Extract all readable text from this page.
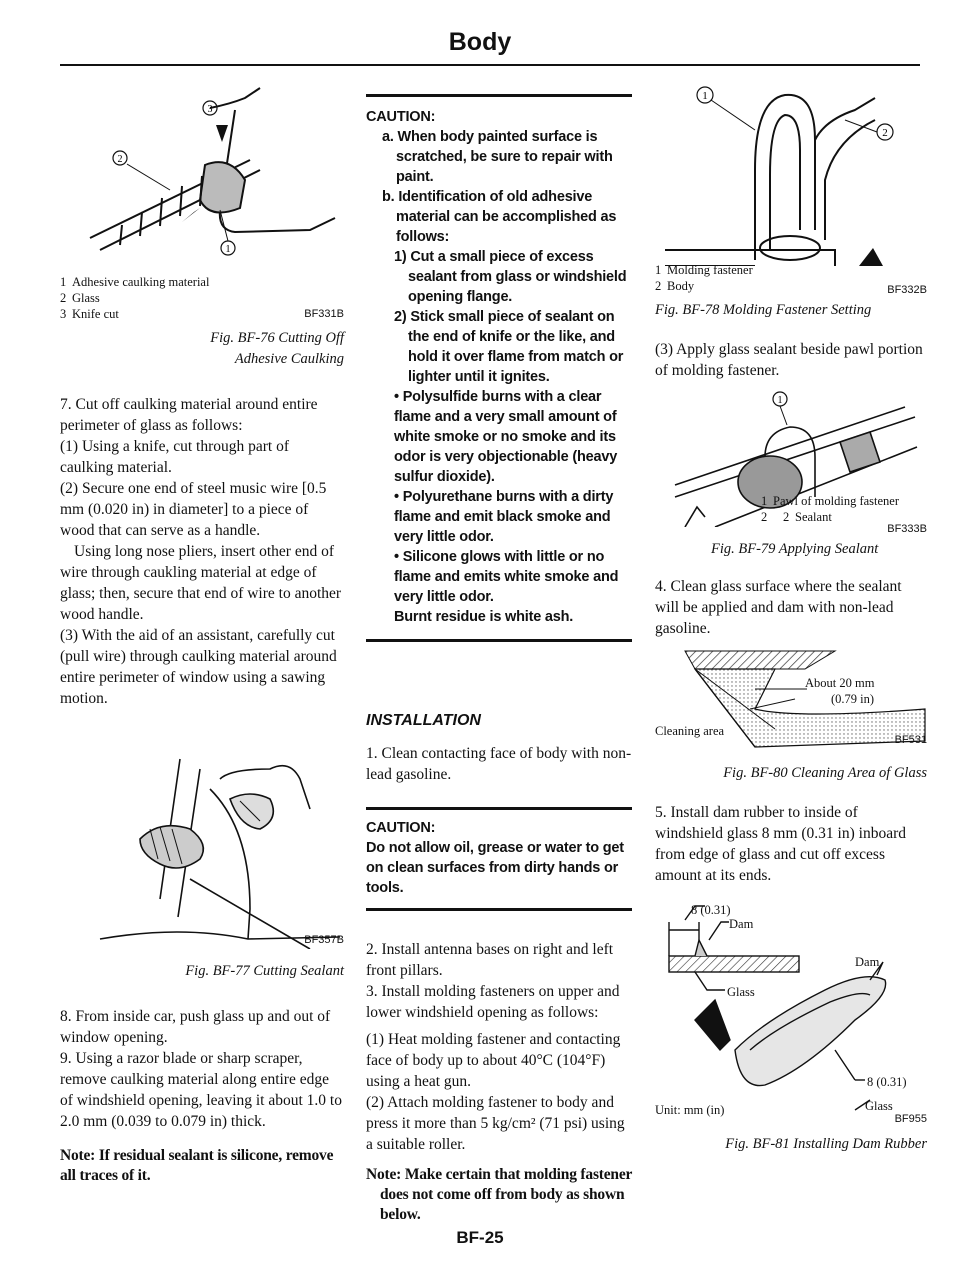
Body
3
2
1
1 Adhesive caulking material
2 Glass
3 Knife cut	BF331B

Fig. BF-76 Cutting Off Adhesive Caulking

7. Cut off caulking material around entire perimeter of glass as follows:

(1) Using a knife, cut through part of caulking material.

(2) Secure one end of steel music wire [0.5 mm (0.020 in) in diameter] to a piece of wood that can serve as a handle.

Using long nose pliers, insert other end of wire through caukling material at edge of glass; then, secure that end of wire to another wood handle.

(3) With the aid of an assistant, carefully cut (pull wire) through caulking material around entire perimeter of window using a sawing motion.

BF357B

Fig. BF-77 Cutting Sealant

8. From inside car, push glass up and out of window opening.

9. Using a razor blade or sharp scraper, remove caulking material along entire edge of windshield opening, leaving it about 1.0 to 2.0 mm (0.039 to 0.079 in) thick.

Note: If residual sealant is silicone, remove all traces of it.

CAUTION:

a. When body painted surface is scratched, be sure to repair with paint.

b. Identification of old adhesive material can be accomplished as follows:

1) Cut a small piece of excess sealant from glass or windshield opening flange.

2) Stick small piece of sealant on the end of knife or the like, and hold it over flame from match or lighter until it ignites.

• Polysulfide burns with a clear flame and a very small amount of white smoke or no smoke and its odor is very objectionable (heavy sulfur dioxide).

• Polyurethane burns with a dirty flame and emit black smoke and very little odor.

• Silicone glows with little or no flame and emits white smoke and very little odor.

Burnt residue is white ash.

INSTALLATION

1. Clean contacting face of body with non-lead gasoline.

CAUTION:

Do not allow oil, grease or water to get on clean surfaces from dirty hands or tools.

2. Install antenna bases on right and left front pillars.

3. Install molding fasteners on upper and lower windshield opening as follows:

(1) Heat molding fastener and contacting face of body up to about 40°C (104°F) using a heat gun.

(2) Attach molding fastener to body and press it more than 5 kg/cm² (71 psi) using a suitable roller.

Note: Make certain that molding fastener does not come off from body as shown below.

1
2
1 Molding fastener
2 Body	BF332B

Fig. BF-78 Molding Fastener Setting

(3) Apply glass sealant beside pawl portion of molding fastener.

1
1 Pawl of molding fastener
2	2 Sealant
BF333B

Fig. BF-79 Applying Sealant

4. Clean glass surface where the sealant will be applied and dam with non-lead gasoline.

About 20 mm
(0.79 in)
Cleaning area
BF531

Fig. BF-80 Cleaning Area of Glass

5. Install dam rubber to inside of windshield glass 8 mm (0.31 in) inboard from edge of glass and cut off excess amount at its ends.

8 (0.31)
Dam
Glass
Dam
8 (0.31)
Glass
Unit: mm (in)
BF955

Fig. BF-81 Installing Dam Rubber

BF-25
